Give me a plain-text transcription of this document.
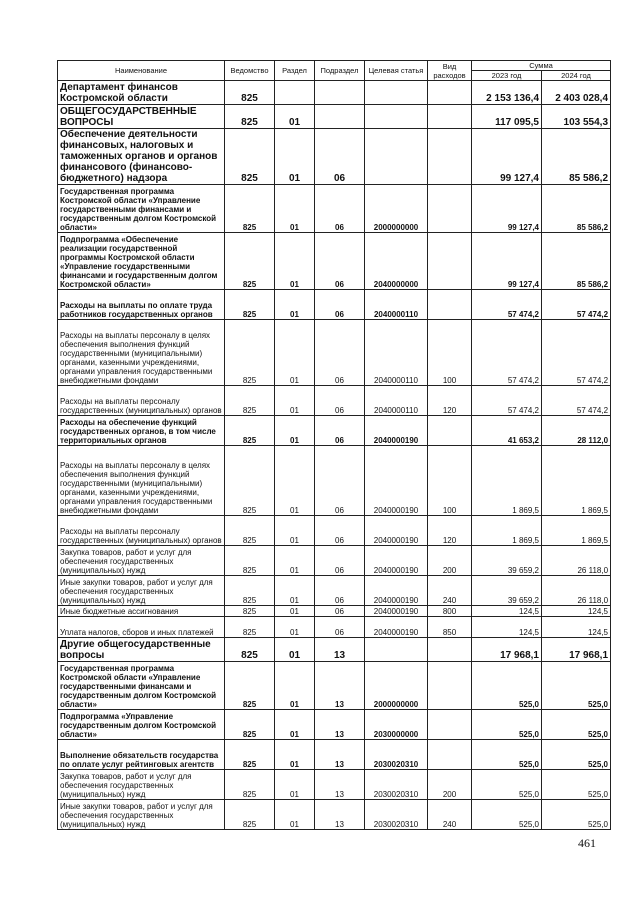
Наименование	Ведомство	Раздел	Подраздел	Целевая статья	Вид расходов	Сумма	
						2023 год	2024 год
Департамент финансов Костромской области	825					2 153 136,4	2 403 028,4
ОБЩЕГОСУДАРСТВЕННЫЕ ВОПРОСЫ	825	01				117 095,5	103 554,3
Обеспечение деятельности финансовых, налоговых и таможенных органов и органов финансового (финансово-бюджетного) надзора	825	01	06			99 127,4	85 586,2
Государственная программа Костромской области «Управление государственными финансами и государственным долгом Костромской области»	825	01	06	2000000000		99 127,4	85 586,2
Подпрограмма «Обеспечение реализации государственной программы Костромской области «Управление государственными финансами и государственным долгом Костромской области»	825	01	06	2040000000		99 127,4	85 586,2
Расходы на выплаты по оплате труда работников государственных органов	825	01	06	2040000110		57 474,2	57 474,2
Расходы на выплаты персоналу в целях обеспечения выполнения функций государственными (муниципальными) органами, казенными учреждениями, органами управления государственными внебюджетными фондами	825	01	06	2040000110	100	57 474,2	57 474,2
Расходы на выплаты персоналу государственных (муниципальных) органов	825	01	06	2040000110	120	57 474,2	57 474,2
Расходы на обеспечение функций государственных органов, в том числе территориальных органов	825	01	06	2040000190		41 653,2	28 112,0
Расходы на выплаты персоналу в целях обеспечения выполнения функций государственными (муниципальными) органами, казенными учреждениями, органами управления государственными внебюджетными фондами	825	01	06	2040000190	100	1 869,5	1 869,5
Расходы на выплаты персоналу государственных (муниципальных) органов	825	01	06	2040000190	120	1 869,5	1 869,5
Закупка товаров, работ и услуг для обеспечения государственных (муниципальных) нужд	825	01	06	2040000190	200	39 659,2	26 118,0
Иные закупки товаров, работ и услуг для обеспечения государственных (муниципальных) нужд	825	01	06	2040000190	240	39 659,2	26 118,0
Иные бюджетные ассигнования	825	01	06	2040000190	800	124,5	124,5
Уплата налогов, сборов и иных платежей	825	01	06	2040000190	850	124,5	124,5
Другие общегосударственные вопросы	825	01	13			17 968,1	17 968,1
Государственная программа Костромской области «Управление государственными финансами и государственным долгом Костромской области»	825	01	13	2000000000		525,0	525,0
Подпрограмма «Управление государственным долгом Костромской области»	825	01	13	2030000000		525,0	525,0
Выполнение обязательств государства по оплате услуг рейтинговых агентств	825	01	13	2030020310		525,0	525,0
Закупка товаров, работ и услуг для обеспечения государственных (муниципальных) нужд	825	01	13	2030020310	200	525,0	525,0
Иные закупки товаров, работ и услуг для обеспечения государственных (муниципальных) нужд	825	01	13	2030020310	240	525,0	525,0
461
